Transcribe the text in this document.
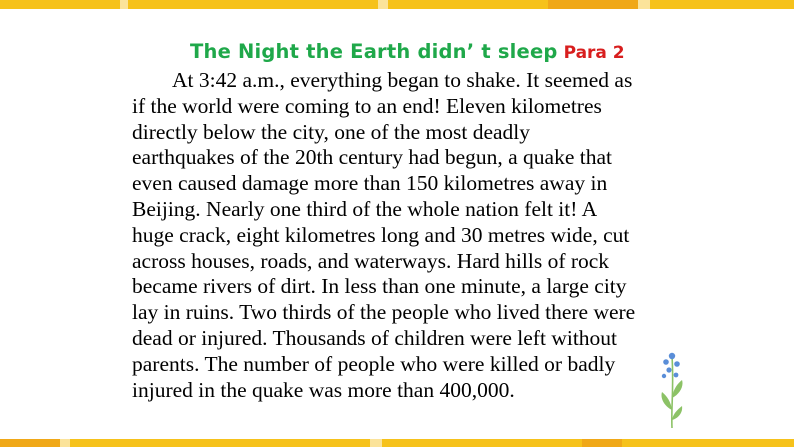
The Night the Earth didn’ t sleep Para 2
At 3:42 a.m., everything began to shake. It seemed as
if the world were coming to an end! Eleven kilometres
directly below the city, one of the most deadly
earthquakes of the 20th century had begun, a quake that
even caused damage more than 150 kilometres away in
Beijing. Nearly one third of the whole nation felt it! A
huge crack, eight kilometres long and 30 metres wide, cut
across houses, roads, and waterways. Hard hills of rock
became rivers of dirt. In less than one minute, a large city
lay in ruins. Two thirds of the people who lived there were
dead or injured. Thousands of children were left without
parents. The number of people who were killed or badly
injured in the quake was more than 400,000.
